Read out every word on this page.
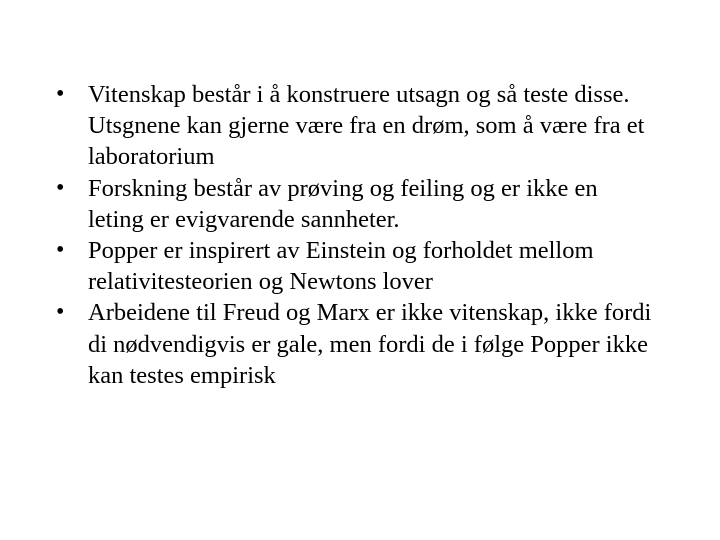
• Vitenskap består i å konstruere utsagn og så teste disse. Utsgnene kan gjerne være fra en drøm, som å være fra et laboratorium
• Forskning består av prøving og feiling og er ikke en leting er evigvarende sannheter.
• Popper er inspirert av Einstein og forholdet mellom relativitesteorien og Newtons lover
• Arbeidene til Freud og Marx er ikke vitenskap, ikke fordi di nødvendigvis er gale, men fordi de i følge Popper ikke kan testes empirisk
